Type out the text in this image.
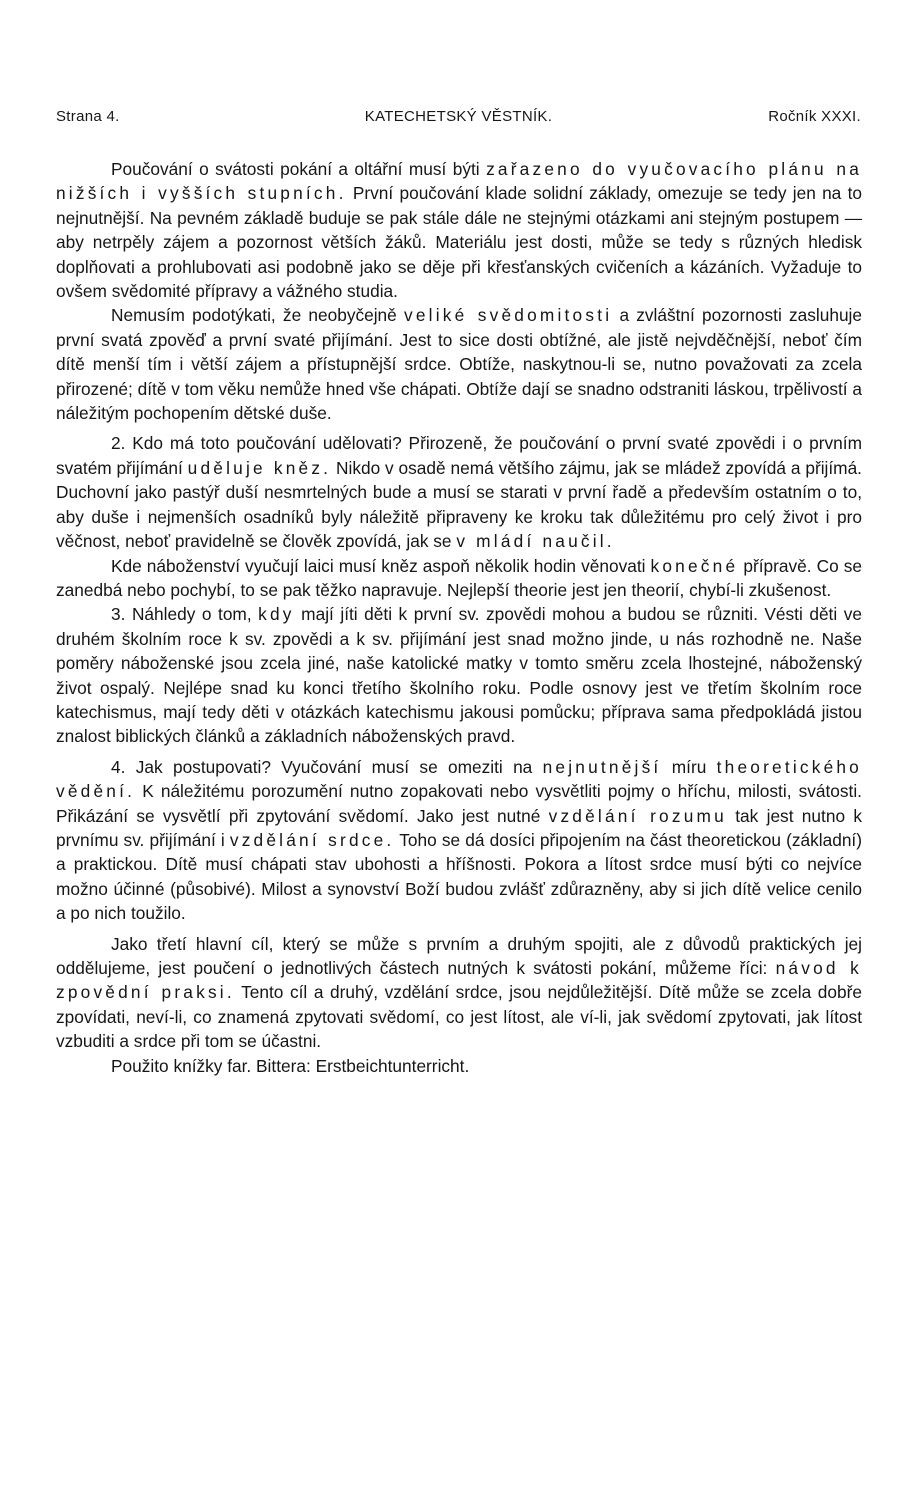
Strana 4.	KATECHETSKÝ VĚSTNÍK.	Ročník XXXI.

Poučování o svátosti pokání a oltářní musí býti zařazeno do vyučovacího plánu na nižších i vyšších stupních. První poučování klade solidní základy, omezuje se tedy jen na to nejnutnější. Na pevném základě buduje se pak stále dále ne stejnými otázkami ani stejným postupem — aby netrpěly zájem a pozornost větších žáků. Materiálu jest dosti, může se tedy s různých hledisk doplňovati a prohlubovati asi podobně jako se děje při křesťanských cvičeních a kázáních. Vyžaduje to ovšem svědomité přípravy a vážného studia.

Nemusím podotýkati, že neobyčejně veliké svědomitosti a zvláštní pozornosti zasluhuje první svatá zpověď a první svaté přijímání. Jest to sice dosti obtížné, ale jistě nejvděčnější, neboť čím dítě menší tím i větší zájem a přístupnější srdce. Obtíže, naskytnou-li se, nutno považovati za zcela přirozené; dítě v tom věku nemůže hned vše chápati. Obtíže dají se snadno odstraniti láskou, trpělivostí a náležitým pochopením dětské duše.

2. Kdo má toto poučování udělovati? Přirozeně, že poučování o první svaté zpovědi i o prvním svatém přijímání uděluje kněz. Nikdo v osadě nemá většího zájmu, jak se mládež zpovídá a přijímá. Duchovní jako pastýř duší nesmrtelných bude a musí se starati v první řadě a především ostatním o to, aby duše i nejmenších osadníků byly náležitě připraveny ke kroku tak důležitému pro celý život i pro věčnost, neboť pravidelně se člověk zpovídá, jak se v mládí naučil.

Kde náboženství vyučují laici musí kněz aspoň několik hodin věnovati konečné přípravě. Co se zanedbá nebo pochybí, to se pak těžko napravuje. Nejlepší theorie jest jen theorií, chybí-li zkušenost.

3. Náhledy o tom, kdy mají jíti děti k první sv. zpovědi mohou a budou se různiti. Vésti děti ve druhém školním roce k sv. zpovědi a k sv. přijímání jest snad možno jinde, u nás rozhodně ne. Naše poměry náboženské jsou zcela jiné, naše katolické matky v tomto směru zcela lhostejné, náboženský život ospalý. Nejlépe snad ku konci třetího školního roku. Podle osnovy jest ve třetím školním roce katechismus, mají tedy děti v otázkách katechismu jakousi pomůcku; příprava sama předpokládá jistou znalost biblických článků a základních náboženských pravd.

4. Jak postupovati? Vyučování musí se omeziti na nejnutnější míru theoretického vědění. K náležitému porozumění nutno zopakovati nebo vysvětliti pojmy o hříchu, milosti, svátosti. Přikázání se vysvětlí při zpytování svědomí. Jako jest nutné vzdělání rozumu tak jest nutno k prvnímu sv. přijímání i vzdělání srdce. Toho se dá dosíci připojením na část theoretickou (základní) a praktickou. Dítě musí chápati stav ubohosti a hříšnosti. Pokora a lítost srdce musí býti co nejvíce možno účinné (působivé). Milost a synovství Boží budou zvlášť zdůrazněny, aby si jich dítě velice cenilo a po nich toužilo.

Jako třetí hlavní cíl, který se může s prvním a druhým spojiti, ale z důvodů praktických jej oddělujeme, jest poučení o jednotlivých částech nutných k svátosti pokání, můžeme říci: návod k zpovědní praksi. Tento cíl a druhý, vzdělání srdce, jsou nejdůležitější. Dítě může se zcela dobře zpovídati, neví-li, co znamená zpytovati svědomí, co jest lítost, ale ví-li, jak svědomí zpytovati, jak lítost vzbuditi a srdce při tom se účastni.

Použito knížky far. Bittera: Erstbeichtunterricht.
